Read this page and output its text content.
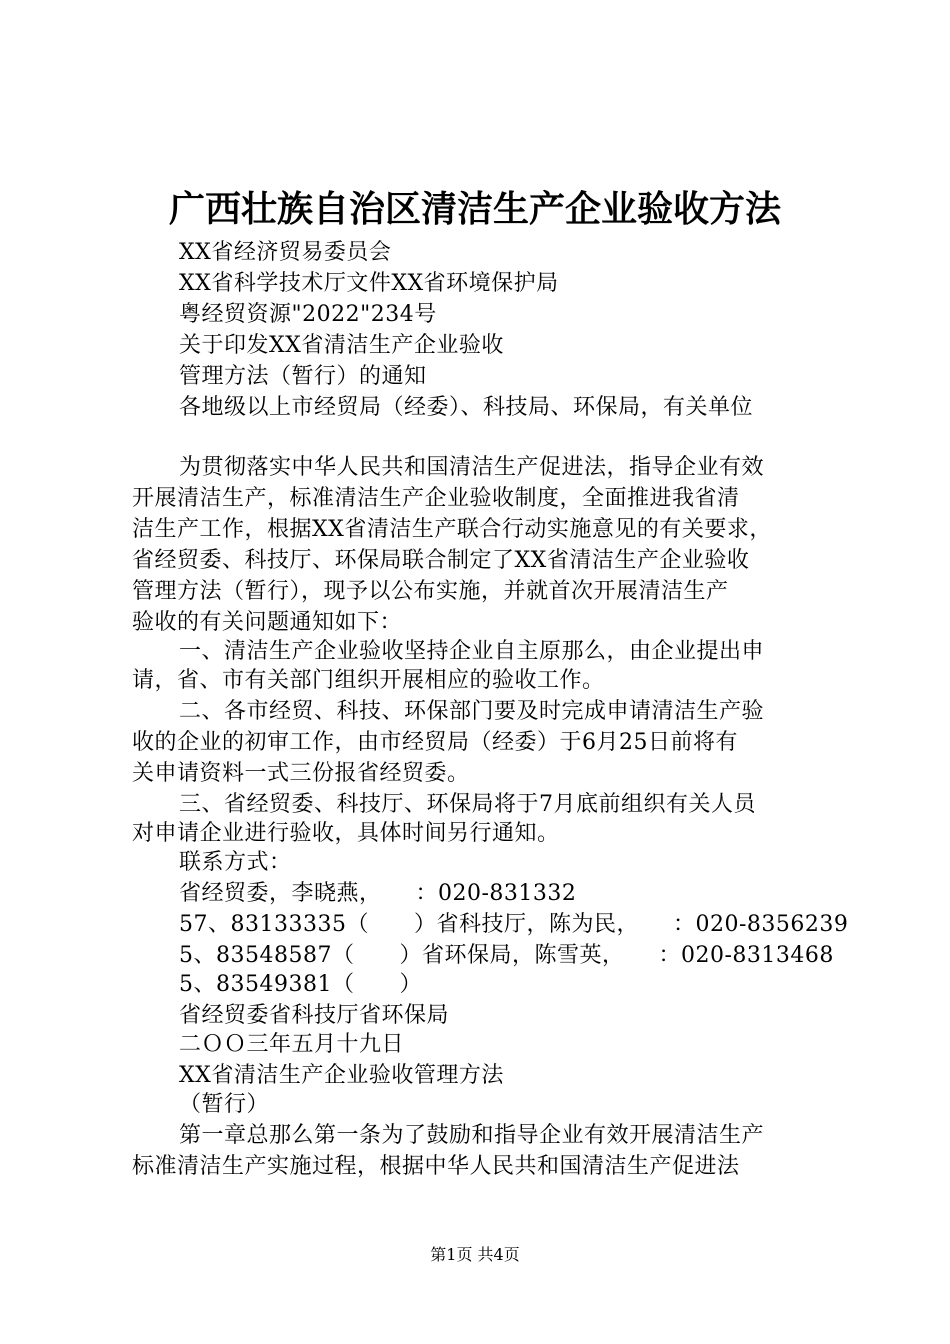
广西壮族自治区清洁生产企业验收方法
XX省经济贸易委员会
XX省科学技术厅文件XX省环境保护局
粤经贸资源"2022"234号
关于印发XX省清洁生产企业验收
管理方法（暂行）的通知
各地级以上市经贸局（经委）、科技局、环保局，有关单位
为贯彻落实中华人民共和国清洁生产促进法，指导企业有效
开展清洁生产，标准清洁生产企业验收制度，全面推进我省清
洁生产工作，根据XX省清洁生产联合行动实施意见的有关要求，
省经贸委、科技厅、环保局联合制定了XX省清洁生产企业验收
管理方法（暂行），现予以公布实施，并就首次开展清洁生产
验收的有关问题通知如下：
一、清洁生产企业验收坚持企业自主原那么，由企业提出申
请，省、市有关部门组织开展相应的验收工作。
二、各市经贸、科技、环保部门要及时完成申请清洁生产验
收的企业的初审工作，由市经贸局（经委）于6月25日前将有
关申请资料一式三份报省经贸委。
三、省经贸委、科技厅、环保局将于7月底前组织有关人员
对申请企业进行验收，具体时间另行通知。
联系方式：
省经贸委，李晓燕，　　：020-831332
57、83133335（　　）省科技厅，陈为民，　　：020-8356239
5、83548587（　　）省环保局，陈雪英，　　：020-8313468
5、83549381（　　）
省经贸委省科技厅省环保局
二ＯＯ三年五月十九日
XX省清洁生产企业验收管理方法
（暂行）
第一章总那么第一条为了鼓励和指导企业有效开展清洁生产
标准清洁生产实施过程，根据中华人民共和国清洁生产促进法
第1页 共4页
